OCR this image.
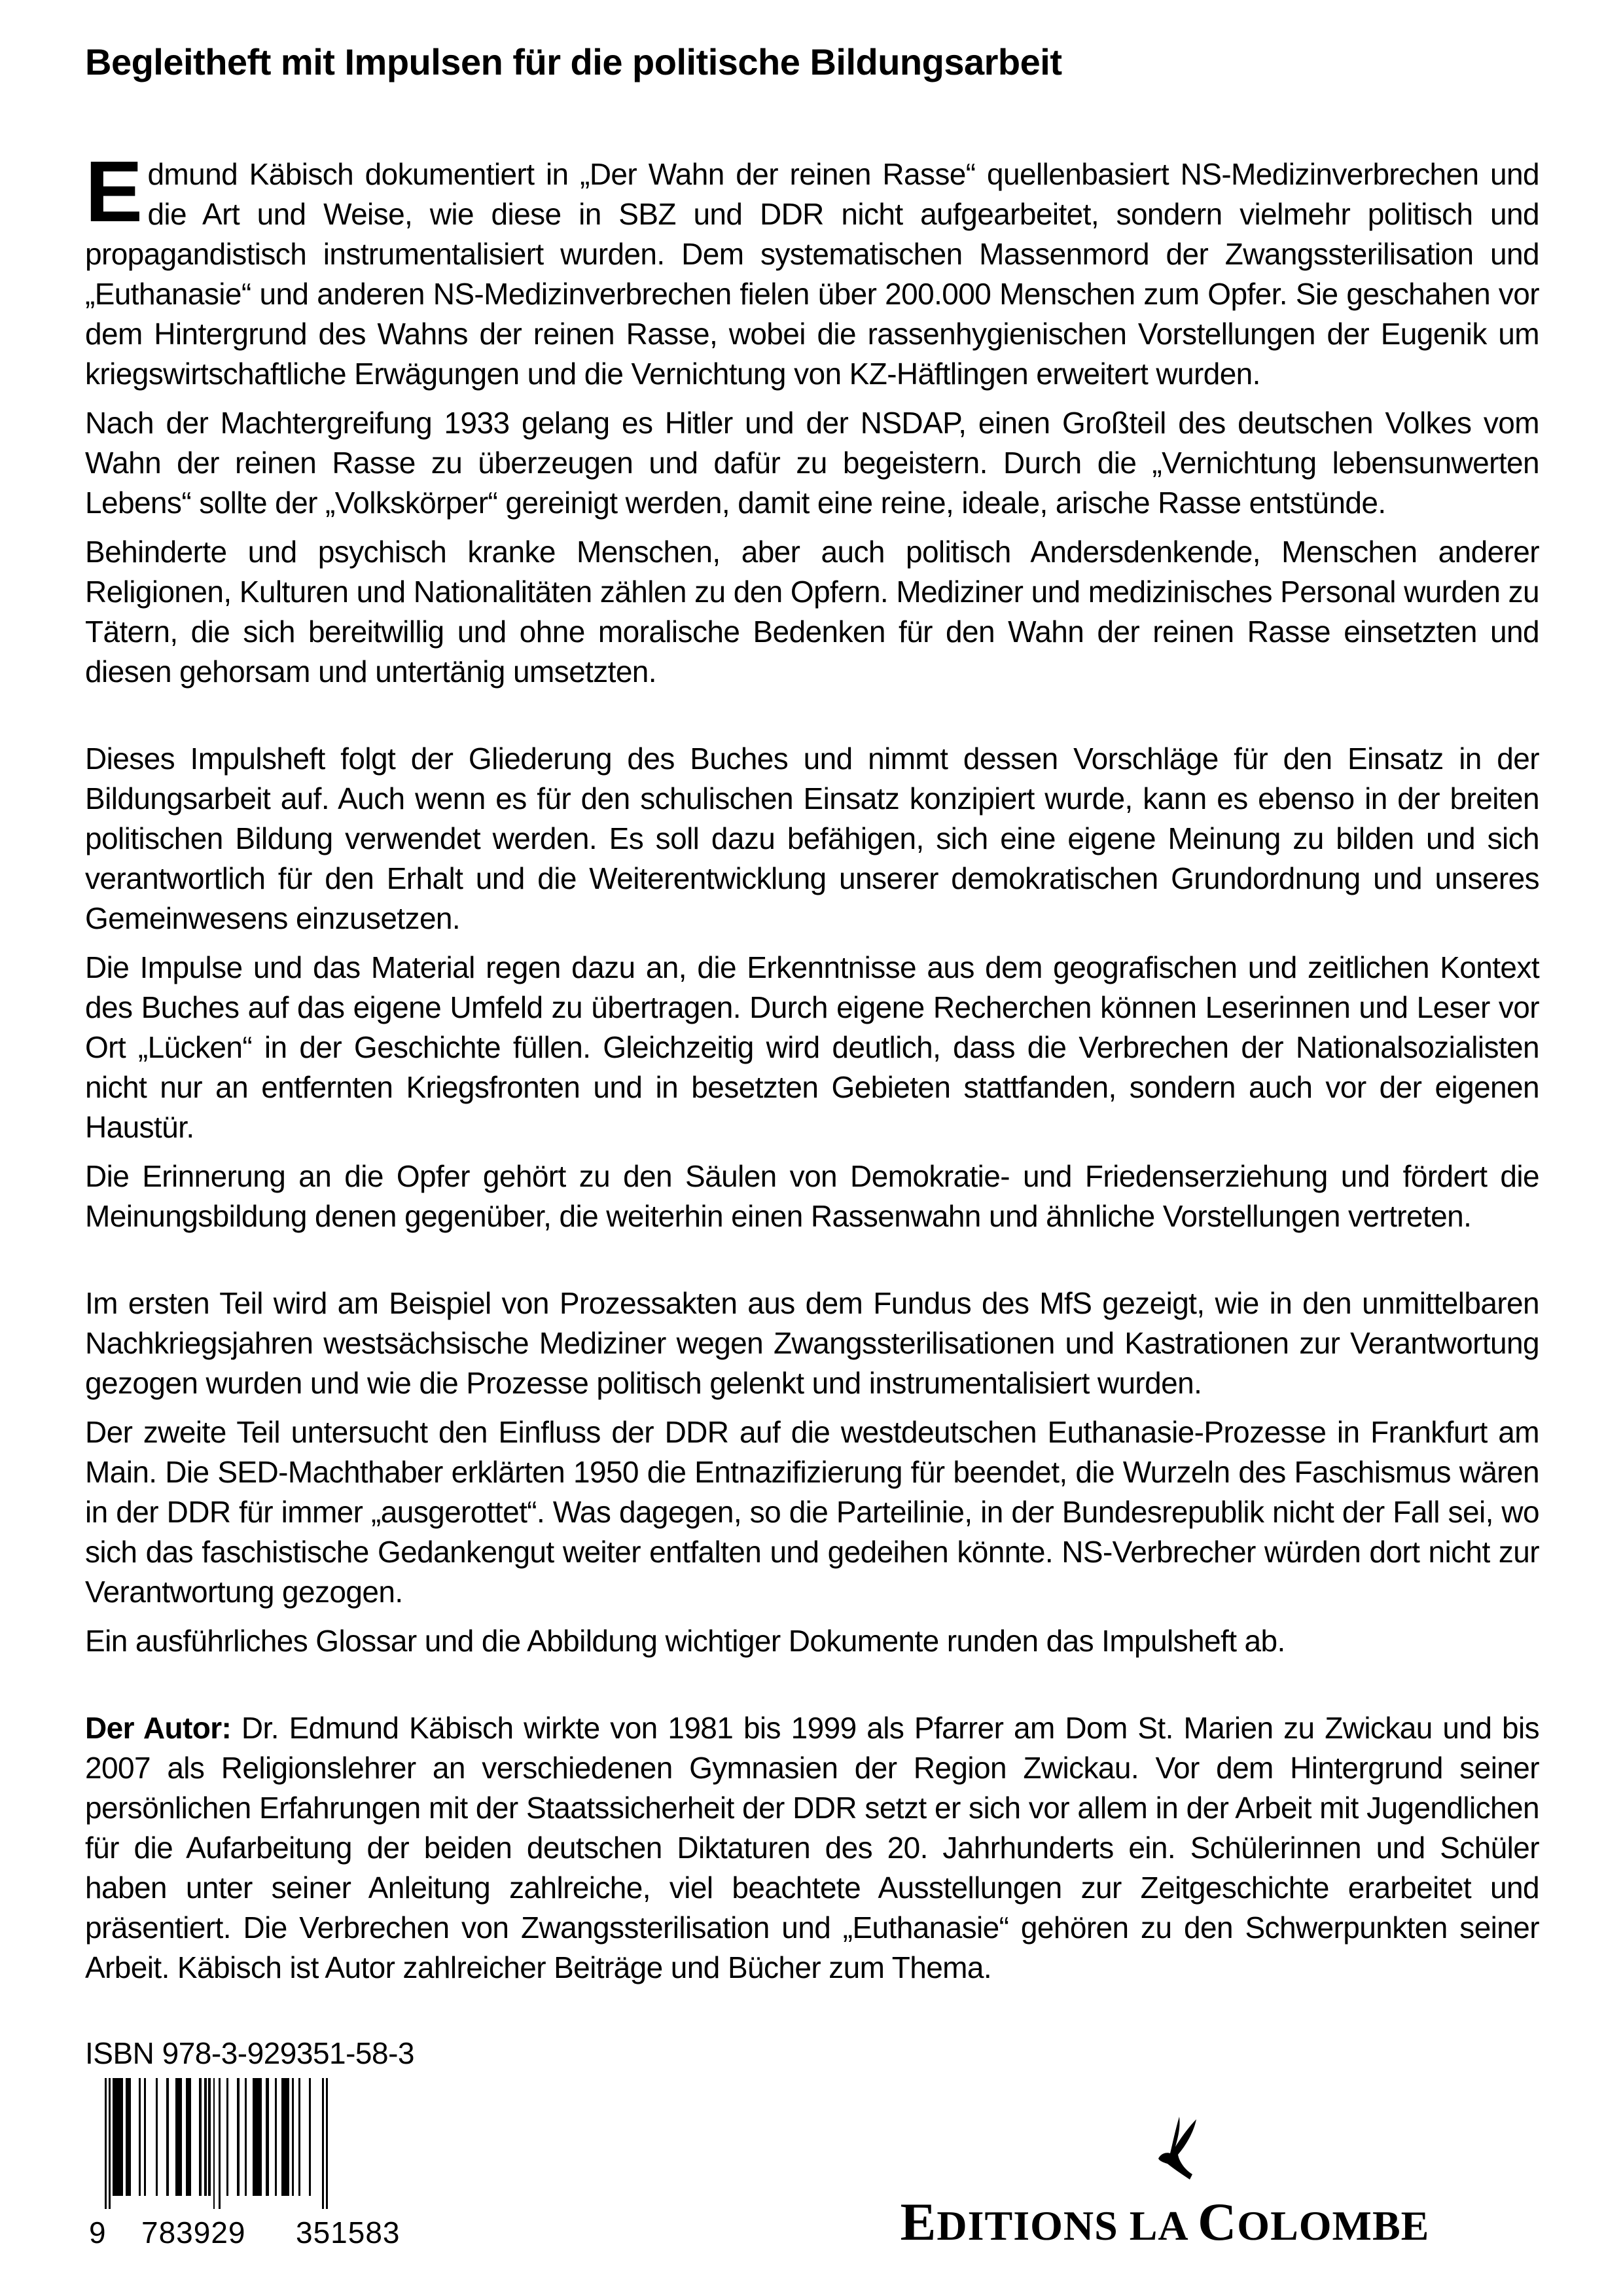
Begleitheft mit Impulsen für die politische Bildungsarbeit

Edmund Käbisch dokumentiert in „Der Wahn der reinen Rasse“ quellenbasiert NS-Medizinverbrechen und die Art und Weise, wie diese in SBZ und DDR nicht aufgearbeitet, sondern vielmehr politisch und propagandistisch instrumentalisiert wurden. Dem systematischen Massenmord der Zwangssterilisation und „Euthanasie“ und anderen NS-Medizinverbrechen fielen über 200.000 Menschen zum Opfer. Sie geschahen vor dem Hintergrund des Wahns der reinen Rasse, wobei die rassenhygienischen Vorstellungen der Eugenik um kriegswirtschaftliche Erwägungen und die Vernichtung von KZ-Häftlingen erweitert wurden.

Nach der Machtergreifung 1933 gelang es Hitler und der NSDAP, einen Großteil des deutschen Volkes vom Wahn der reinen Rasse zu überzeugen und dafür zu begeistern. Durch die „Vernichtung lebensunwerten Lebens“ sollte der „Volkskörper“ gereinigt werden, damit eine reine, ideale, arische Rasse entstünde.

Behinderte und psychisch kranke Menschen, aber auch politisch Andersdenkende, Menschen anderer Religionen, Kulturen und Nationalitäten zählen zu den Opfern. Mediziner und medizinisches Personal wurden zu Tätern, die sich bereitwillig und ohne moralische Bedenken für den Wahn der reinen Rasse einsetzten und diesen gehorsam und untertänig umsetzten.

Dieses Impulsheft folgt der Gliederung des Buches und nimmt dessen Vorschläge für den Einsatz in der Bildungsarbeit auf. Auch wenn es für den schulischen Einsatz konzipiert wurde, kann es ebenso in der breiten politischen Bildung verwendet werden. Es soll dazu befähigen, sich eine eigene Meinung zu bilden und sich verantwortlich für den Erhalt und die Weiterentwicklung unserer demokratischen Grundordnung und unseres Gemeinwesens einzusetzen.

Die Impulse und das Material regen dazu an, die Erkenntnisse aus dem geografischen und zeitlichen Kontext des Buches auf das eigene Umfeld zu übertragen. Durch eigene Recherchen können Leserinnen und Leser vor Ort „Lücken“ in der Geschichte füllen. Gleichzeitig wird deutlich, dass die Verbrechen der Nationalsozialisten nicht nur an entfernten Kriegsfronten und in besetzten Gebieten stattfanden, sondern auch vor der eigenen Haustür.

Die Erinnerung an die Opfer gehört zu den Säulen von Demokratie- und Friedenserziehung und fördert die Meinungsbildung denen gegenüber, die weiterhin einen Rassenwahn und ähnliche Vorstellungen vertreten.

Im ersten Teil wird am Beispiel von Prozessakten aus dem Fundus des MfS gezeigt, wie in den unmittelbaren Nachkriegsjahren westsächsische Mediziner wegen Zwangssterilisationen und Kastrationen zur Verantwortung gezogen wurden und wie die Prozesse politisch gelenkt und instrumentalisiert wurden.

Der zweite Teil untersucht den Einfluss der DDR auf die westdeutschen Euthanasie-Prozesse in Frankfurt am Main. Die SED-Machthaber erklärten 1950 die Entnazifizierung für beendet, die Wurzeln des Faschismus wären in der DDR für immer „ausgerottet“. Was dagegen, so die Parteilinie, in der Bundesrepublik nicht der Fall sei, wo sich das faschistische Gedankengut weiter entfalten und gedeihen könnte. NS-Verbrecher würden dort nicht zur Verantwortung gezogen.

Ein ausführliches Glossar und die Abbildung wichtiger Dokumente runden das Impulsheft ab.

Der Autor: Dr. Edmund Käbisch wirkte von 1981 bis 1999 als Pfarrer am Dom St. Marien zu Zwickau und bis 2007 als Religionslehrer an verschiedenen Gymnasien der Region Zwickau. Vor dem Hintergrund seiner persönlichen Erfahrungen mit der Staatssicherheit der DDR setzt er sich vor allem in der Arbeit mit Jugendlichen für die Aufarbeitung der beiden deutschen Diktaturen des 20. Jahrhunderts ein. Schülerinnen und Schüler haben unter seiner Anleitung zahlreiche, viel beachtete Ausstellungen zur Zeitgeschichte erarbeitet und präsentiert. Die Verbrechen von Zwangssterilisation und „Euthanasie“ gehören zu den Schwerpunkten seiner Arbeit. Käbisch ist Autor zahlreicher Beiträge und Bücher zum Thema.

ISBN 978-3-929351-58-3
9 783929 351583	EDITIONS LA COLOMBE
